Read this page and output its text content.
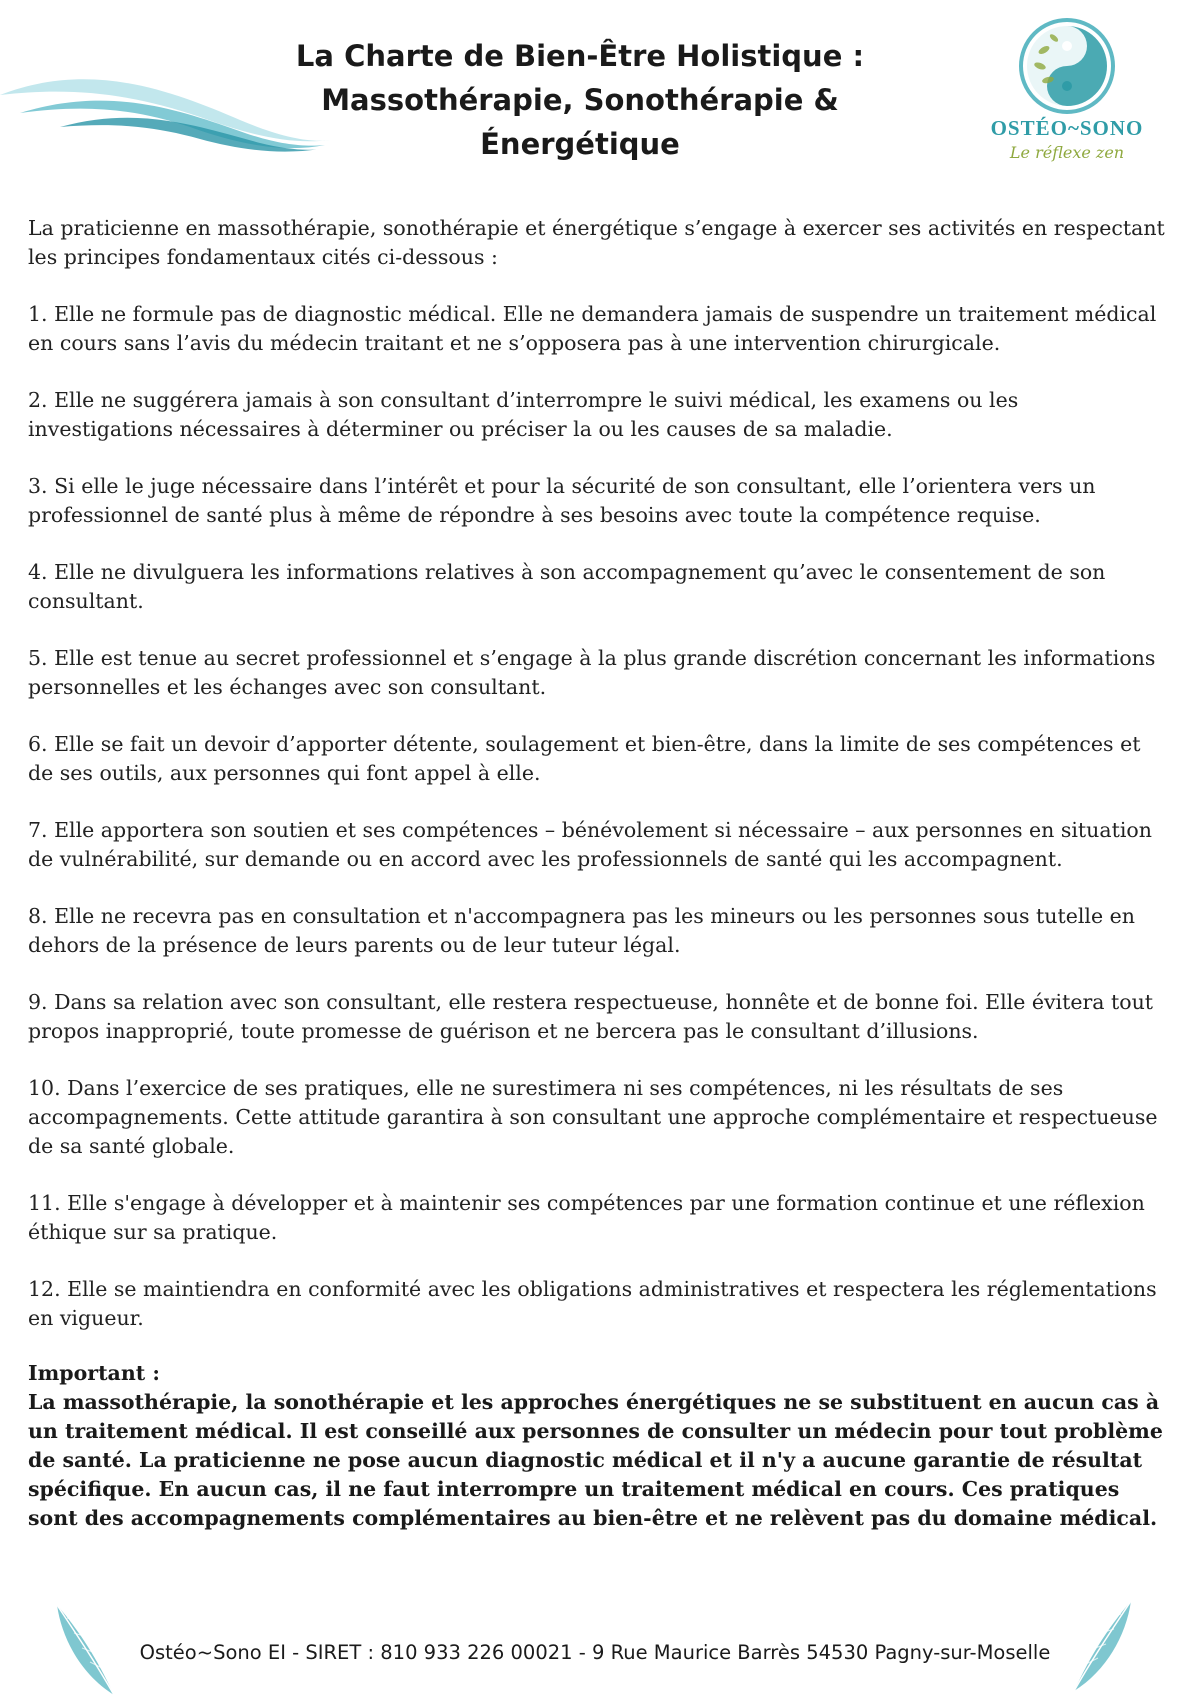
La Charte de Bien-Être Holistique :
Massothérapie, Sonothérapie & Énergétique	OSTÉO~SONO
Le réflexe zen

La praticienne en massothérapie, sonothérapie et énergétique s’engage à exercer ses activités en respectant les principes fondamentaux cités ci-dessous :

1. Elle ne formule pas de diagnostic médical. Elle ne demandera jamais de suspendre un traitement médical en cours sans l’avis du médecin traitant et ne s’opposera pas à une intervention chirurgicale.

2. Elle ne suggérera jamais à son consultant d’interrompre le suivi médical, les examens ou les investigations nécessaires à déterminer ou préciser la ou les causes de sa maladie.

3. Si elle le juge nécessaire dans l’intérêt et pour la sécurité de son consultant, elle l’orientera vers un professionnel de santé plus à même de répondre à ses besoins avec toute la compétence requise.

4. Elle ne divulguera les informations relatives à son accompagnement qu’avec le consentement de son consultant.

5. Elle est tenue au secret professionnel et s’engage à la plus grande discrétion concernant les informations personnelles et les échanges avec son consultant.

6. Elle se fait un devoir d’apporter détente, soulagement et bien-être, dans la limite de ses compétences et de ses outils, aux personnes qui font appel à elle.

7. Elle apportera son soutien et ses compétences – bénévolement si nécessaire – aux personnes en situation de vulnérabilité, sur demande ou en accord avec les professionnels de santé qui les accompagnent.

8. Elle ne recevra pas en consultation et n'accompagnera pas les mineurs ou les personnes sous tutelle en dehors de la présence de leurs parents ou de leur tuteur légal.

9. Dans sa relation avec son consultant, elle restera respectueuse, honnête et de bonne foi. Elle évitera tout propos inapproprié, toute promesse de guérison et ne bercera pas le consultant d’illusions.

10. Dans l’exercice de ses pratiques, elle ne surestimera ni ses compétences, ni les résultats de ses accompagnements. Cette attitude garantira à son consultant une approche complémentaire et respectueuse de sa santé globale.

11. Elle s'engage à développer et à maintenir ses compétences par une formation continue et une réflexion éthique sur sa pratique.

12. Elle se maintiendra en conformité avec les obligations administratives et respectera les réglementations en vigueur.

Important :

La massothérapie, la sonothérapie et les approches énergétiques ne se substituent en aucun cas à un traitement médical. Il est conseillé aux personnes de consulter un médecin pour tout problème de santé. La praticienne ne pose aucun diagnostic médical et il n'y a aucune garantie de résultat spécifique. En aucun cas, il ne faut interrompre un traitement médical en cours. Ces pratiques sont des accompagnements complémentaires au bien-être et ne relèvent pas du domaine médical.

Ostéo~Sono EI - SIRET : 810 933 226 00021 - 9 Rue Maurice Barrès 54530 Pagny-sur-Moselle
